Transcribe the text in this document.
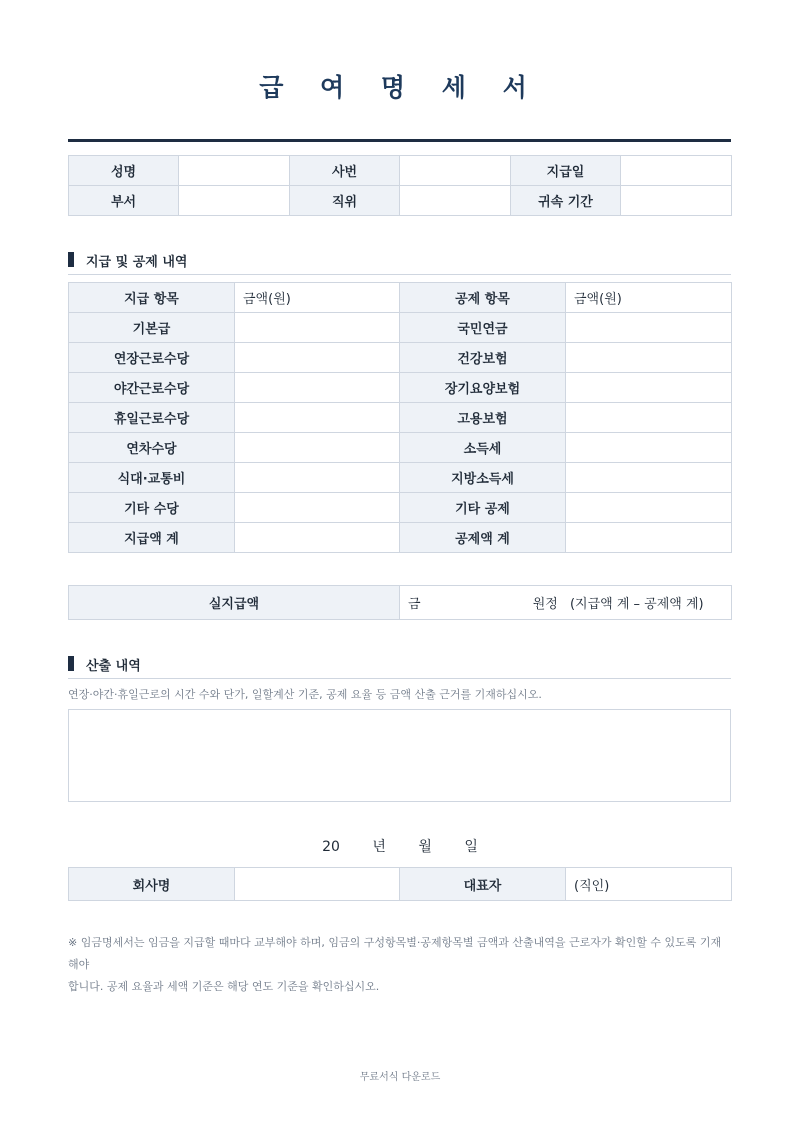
급 여 명 세 서
성명		사번		지급일	
부서		직위		귀속 기간	
지급 및 공제 내역
지급 항목	금액(원)	공제 항목	금액(원)
기본급		국민연금	
연장근로수당		건강보험	
야간근로수당		장기요양보험	
휴일근로수당		고용보험	
연차수당		소득세	
식대·교통비		지방소득세	
기타 수당		기타 공제	
지급액 계		공제액 계	
실지급액	금	원정 (지급액 계 – 공제액 계)
산출 내역
연장·야간·휴일근로의 시간 수와 단가, 일할계산 기준, 공제 요율 등 금액 산출 근거를 기재하십시오.
20 년 월 일
회사명		대표자	(직인)
※ 임금명세서는 임금을 지급할 때마다 교부해야 하며, 임금의 구성항목별·공제항목별 금액과 산출내역을 근로자가 확인할 수 있도록 기재해야
합니다. 공제 요율과 세액 기준은 해당 연도 기준을 확인하십시오.
무료서식 다운로드
